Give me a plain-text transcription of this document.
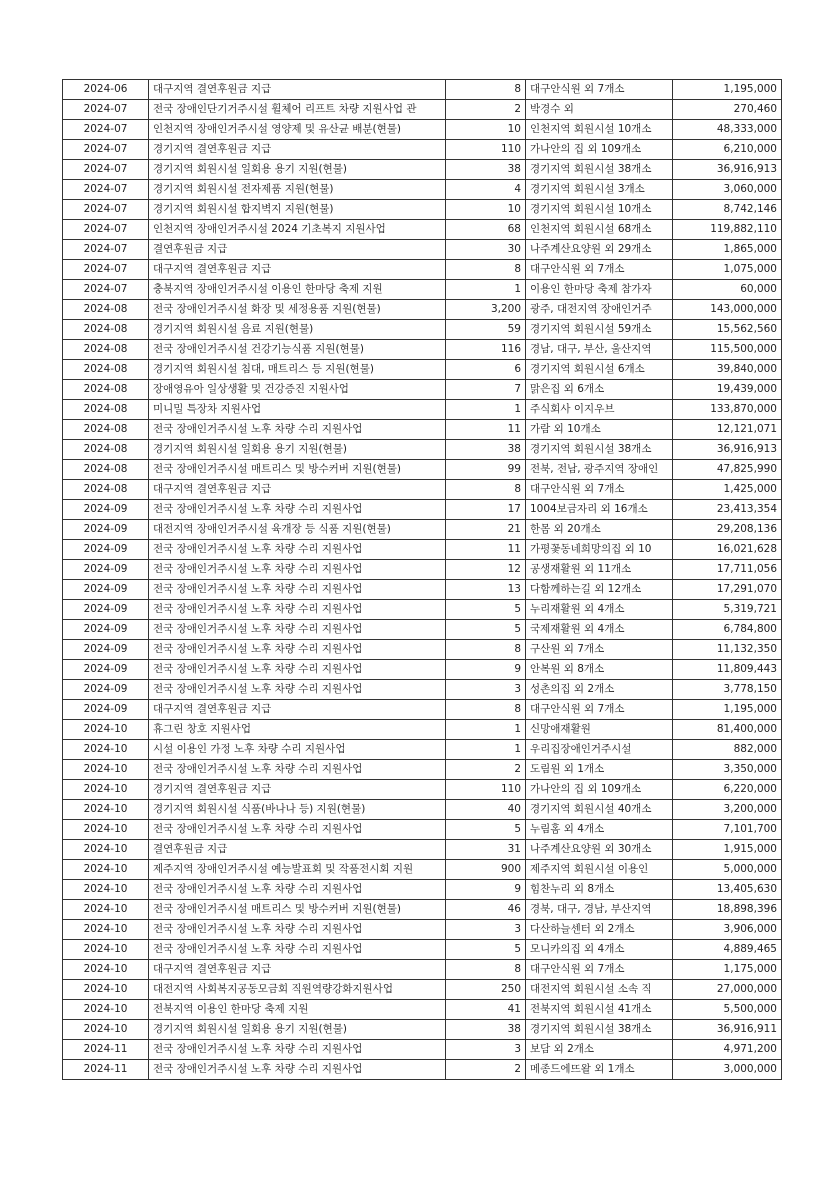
2024-06	대구지역 결연후원금 지급	8	대구안식원 외 7개소	1,195,000
2024-07	전국 장애인단기거주시설 휠체어 리프트 차량 지원사업 관	2	박경수 외	270,460
2024-07	인천지역 장애인거주시설 영양제 및 유산균 배분(현물)	10	인천지역 회원시설 10개소	48,333,000
2024-07	경기지역 결연후원금 지급	110	가나안의 집 외 109개소	6,210,000
2024-07	경기지역 회원시설 일회용 용기 지원(현물)	38	경기지역 회원시설 38개소	36,916,913
2024-07	경기지역 회원시설 전자제품 지원(현물)	4	경기지역 회원시설 3개소	3,060,000
2024-07	경기지역 회원시설 합지벽지 지원(현물)	10	경기지역 회원시설 10개소	8,742,146
2024-07	인천지역 장애인거주시설 2024 기초복지 지원사업	68	인천지역 회원시설 68개소	119,882,110
2024-07	결연후원금 지급	30	나주계산요양원 외 29개소	1,865,000
2024-07	대구지역 결연후원금 지급	8	대구안식원 외 7개소	1,075,000
2024-07	충북지역 장애인거주시설 이용인 한마당 축제 지원	1	이용인 한마당 축제 참가자	60,000
2024-08	전국 장애인거주시설 화장 및 세정용품 지원(현물)	3,200	광주, 대전지역 장애인거주	143,000,000
2024-08	경기지역 회원시설 음료 지원(현물)	59	경기지역 회원시설 59개소	15,562,560
2024-08	전국 장애인거주시설 건강기능식품 지원(현물)	116	경남, 대구, 부산, 울산지역	115,500,000
2024-08	경기지역 회원시설 침대, 매트리스 등 지원(현물)	6	경기지역 회원시설 6개소	39,840,000
2024-08	장애영유아 일상생활 및 건강증진 지원사업	7	맑은집 외 6개소	19,439,000
2024-08	미니밀 특장차 지원사업	1	주식회사 이지우브	133,870,000
2024-08	전국 장애인거주시설 노후 차량 수리 지원사업	11	가람 외 10개소	12,121,071
2024-08	경기지역 회원시설 일회용 용기 지원(현물)	38	경기지역 회원시설 38개소	36,916,913
2024-08	전국 장애인거주시설 매트리스 및 방수커버 지원(현물)	99	전북, 전남, 광주지역 장애인	47,825,990
2024-08	대구지역 결연후원금 지급	8	대구안식원 외 7개소	1,425,000
2024-09	전국 장애인거주시설 노후 차량 수리 지원사업	17	1004보금자리 외 16개소	23,413,354
2024-09	대전지역 장애인거주시설 육개장 등 식품 지원(현물)	21	한몸 외 20개소	29,208,136
2024-09	전국 장애인거주시설 노후 차량 수리 지원사업	11	가평꽃동네희망의집 외 10	16,021,628
2024-09	전국 장애인거주시설 노후 차량 수리 지원사업	12	공생재활원 외 11개소	17,711,056
2024-09	전국 장애인거주시설 노후 차량 수리 지원사업	13	다함께하는길 외 12개소	17,291,070
2024-09	전국 장애인거주시설 노후 차량 수리 지원사업	5	누리재활원 외 4개소	5,319,721
2024-09	전국 장애인거주시설 노후 차량 수리 지원사업	5	국제재활원 외 4개소	6,784,800
2024-09	전국 장애인거주시설 노후 차량 수리 지원사업	8	구산원 외 7개소	11,132,350
2024-09	전국 장애인거주시설 노후 차량 수리 지원사업	9	안복원 외 8개소	11,809,443
2024-09	전국 장애인거주시설 노후 차량 수리 지원사업	3	성촌의집 외 2개소	3,778,150
2024-09	대구지역 결연후원금 지급	8	대구안식원 외 7개소	1,195,000
2024-10	휴그린 창호 지원사업	1	신망애재활원	81,400,000
2024-10	시설 이용인 가정 노후 차량 수리 지원사업	1	우리집장애인거주시설	882,000
2024-10	전국 장애인거주시설 노후 차량 수리 지원사업	2	도림원 외 1개소	3,350,000
2024-10	경기지역 결연후원금 지급	110	가나안의 집 외 109개소	6,220,000
2024-10	경기지역 회원시설 식품(바나나 등) 지원(현물)	40	경기지역 회원시설 40개소	3,200,000
2024-10	전국 장애인거주시설 노후 차량 수리 지원사업	5	누림홈 외 4개소	7,101,700
2024-10	결연후원금 지급	31	나주계산요양원 외 30개소	1,915,000
2024-10	제주지역 장애인거주시설 예능발표회 및 작품전시회 지원	900	제주지역 회원시설 이용인	5,000,000
2024-10	전국 장애인거주시설 노후 차량 수리 지원사업	9	힘찬누리 외 8개소	13,405,630
2024-10	전국 장애인거주시설 매트리스 및 방수커버 지원(현물)	46	경북, 대구, 경남, 부산지역	18,898,396
2024-10	전국 장애인거주시설 노후 차량 수리 지원사업	3	다산하늘센터 외 2개소	3,906,000
2024-10	전국 장애인거주시설 노후 차량 수리 지원사업	5	모니카의집 외 4개소	4,889,465
2024-10	대구지역 결연후원금 지급	8	대구안식원 외 7개소	1,175,000
2024-10	대전지역 사회복지공동모금회 직원역량강화지원사업	250	대전지역 회원시설 소속 직	27,000,000
2024-10	전북지역 이용인 한마당 축제 지원	41	전북지역 회원시설 41개소	5,500,000
2024-10	경기지역 회원시설 일회용 용기 지원(현물)	38	경기지역 회원시설 38개소	36,916,911
2024-11	전국 장애인거주시설 노후 차량 수리 지원사업	3	보담 외 2개소	4,971,200
2024-11	전국 장애인거주시설 노후 차량 수리 지원사업	2	메종드에뜨왈 외 1개소	3,000,000
